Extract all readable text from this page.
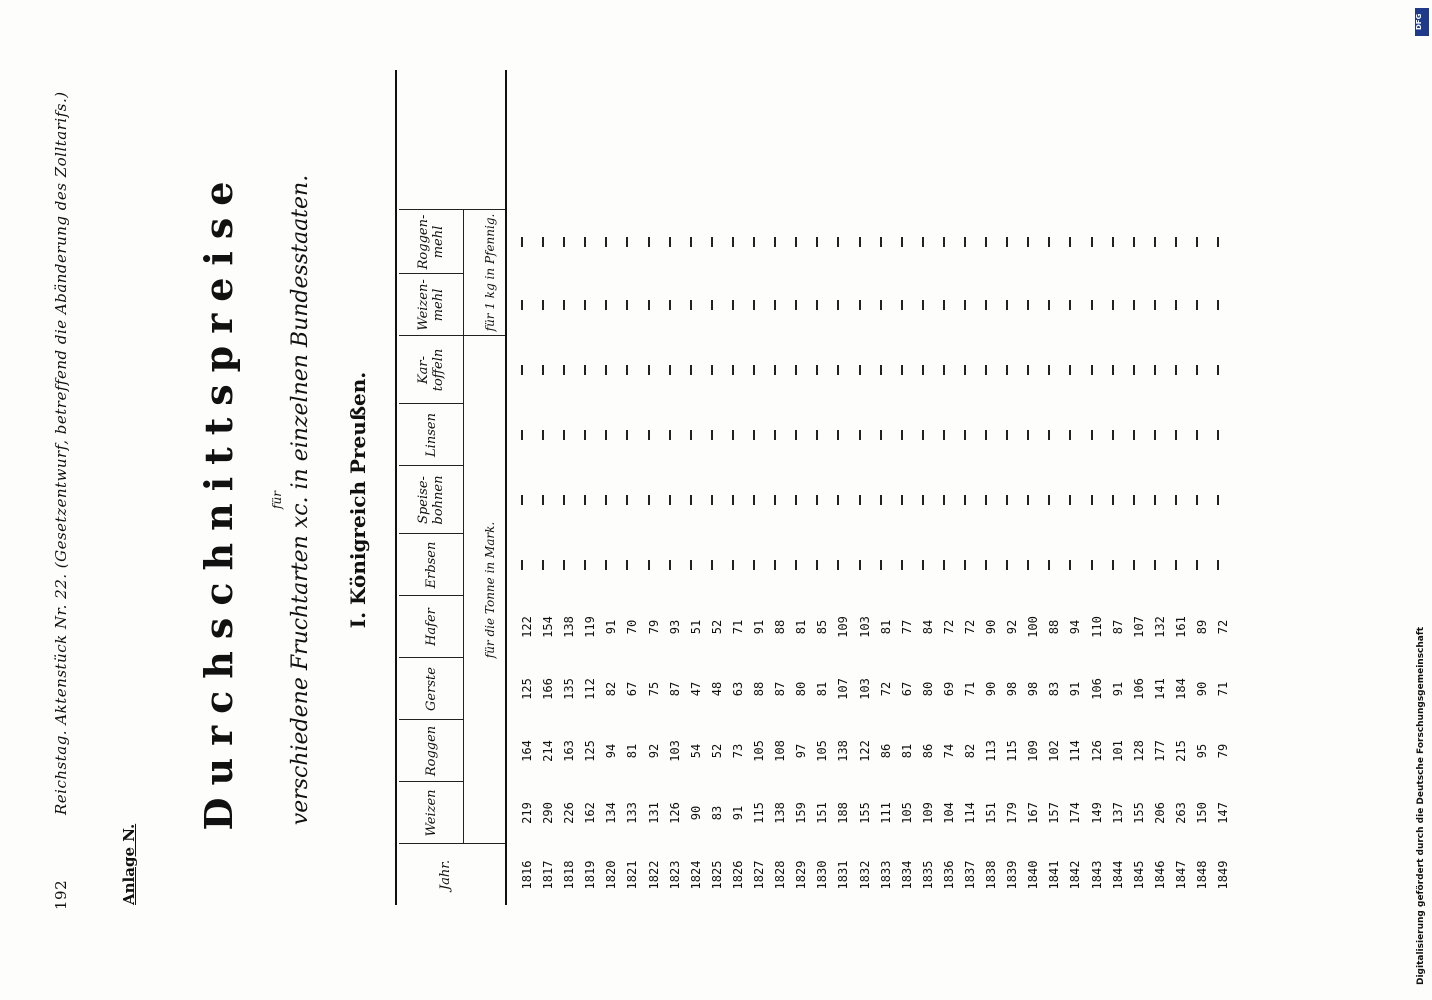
192
Reichstag. Aktenstück Nr. 22. (Gesetzentwurf, betreffend die Abänderung des Zolltarifs.)
Anlage N.
Durchschnittspreise für verschiedene Fruchtarten xc. in einzelnen Bundesstaaten. I. Königreich Preußen.
Jahr.
Weizen
Roggen
Gerste
Hafer
Erbsen
Speise-bohnen
Linsen
Kar-toffeln
Weizen-mehl
Roggen-mehl
für die Tonne in Mark.
für 1 kg in Pfennig.
1816 1817 1818 1819 1820 1821 1822 1823 1824 1825 1826 1827 1828 1829 1830 1831 1832 1833 1834 1835 1836 1837 1838 1839 1840 1841 1842 1843 1844 1845 1846 1847 1848 1849
219 290 226 162 134 133 131 126 90 83 91 115 138 159 151 188 155 111 105 109 104 114 151 179 167 157 174 149 137 155 206 263 150 147
164 214 163 125 94 81 92 103 54 52 73 105 108 97 105 138 122 86 81 86 74 82 113 115 109 102 114 126 101 128 177 215 95 79
125 166 135 112 82 67 75 87 47 48 63 88 87 80 81 107 103 72 67 80 69 71 90 98 98 83 91 106 91 106 141 184 90 71
122 154 138 119 91 70 79 93 51 52 71 91 88 81 85 109 103 81 77 84 72 72 90 92 100 88 94 110 87 107 132 161 89 72
DFG
Digitalisierung gefördert durch die Deutsche Forschungsgemeinschaft
